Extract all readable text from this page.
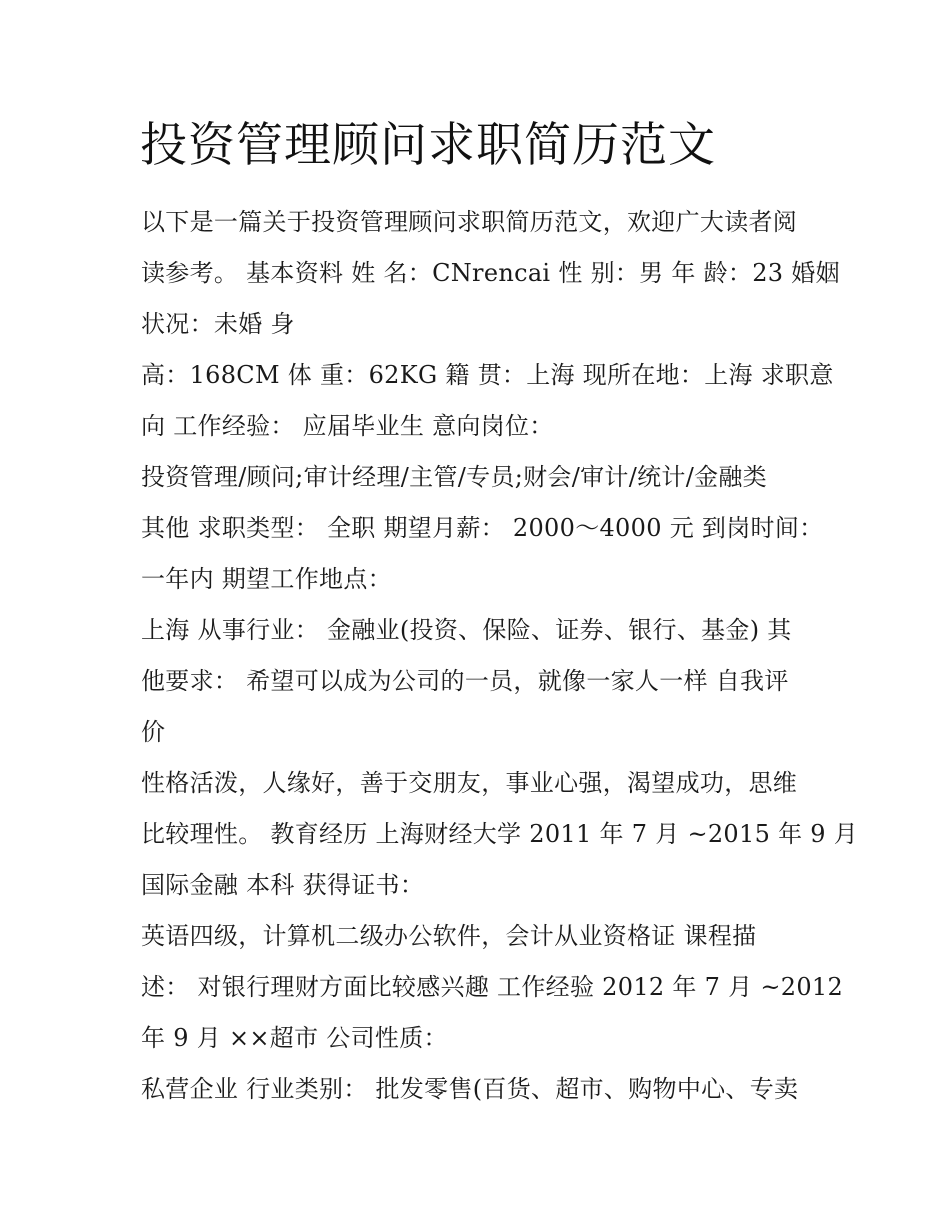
投资管理顾问求职简历范文
以下是一篇关于投资管理顾问求职简历范文，欢迎广大读者阅
读参考。 基本资料 姓 名：CNrencai 性 别：男 年 龄：23 婚姻
状况：未婚 身
高：168CM 体 重：62KG 籍 贯：上海 现所在地：上海 求职意
向 工作经验： 应届毕业生 意向岗位：
投资管理/顾问;审计经理/主管/专员;财会/审计/统计/金融类
其他 求职类型： 全职 期望月薪： 2000～4000 元 到岗时间：
一年内 期望工作地点：
上海 从事行业： 金融业(投资、保险、证券、银行、基金) 其
他要求： 希望可以成为公司的一员，就像一家人一样 自我评
价
性格活泼，人缘好，善于交朋友，事业心强，渴望成功，思维
比较理性。 教育经历 上海财经大学 2011 年 7 月 ~2015 年 9 月
国际金融 本科 获得证书：
英语四级，计算机二级办公软件，会计从业资格证 课程描
述： 对银行理财方面比较感兴趣 工作经验 2012 年 7 月 ~2012
年 9 月 ××超市 公司性质：
私营企业 行业类别： 批发零售(百货、超市、购物中心、专卖
